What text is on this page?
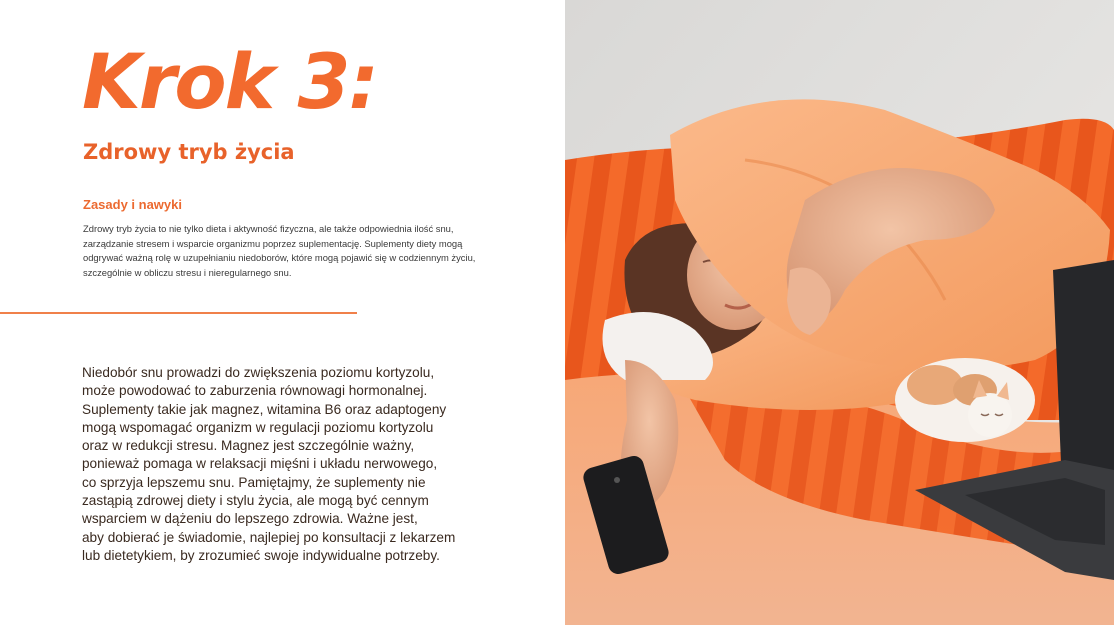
Krok 3:
Zdrowy tryb życia
Zasady i nawyki

Zdrowy tryb życia to nie tylko dieta i aktywność fizyczna, ale także odpowiednia ilość snu, zarządzanie stresem i wsparcie organizmu poprzez suplementację. Suplementy diety mogą odgrywać ważną rolę w uzupełnianiu niedoborów, które mogą pojawić się w codziennym życiu, szczególnie w obliczu stresu i nieregularnego snu.

Niedobór snu prowadzi do zwiększenia poziomu kortyzolu,
może powodować to zaburzenia równowagi hormonalnej.
Suplementy takie jak magnez, witamina B6 oraz adaptogeny
mogą wspomagać organizm w regulacji poziomu kortyzolu
oraz w redukcji stresu. Magnez jest szczególnie ważny,
ponieważ pomaga w relaksacji mięśni i układu nerwowego,
co sprzyja lepszemu snu. Pamiętajmy, że suplementy nie
zastąpią zdrowej diety i stylu życia, ale mogą być cennym
wsparciem w dążeniu do lepszego zdrowia. Ważne jest,
aby dobierać je świadomie, najlepiej po konsultacji z lekarzem
lub dietetykiem, by zrozumieć swoje indywidualne potrzeby.
